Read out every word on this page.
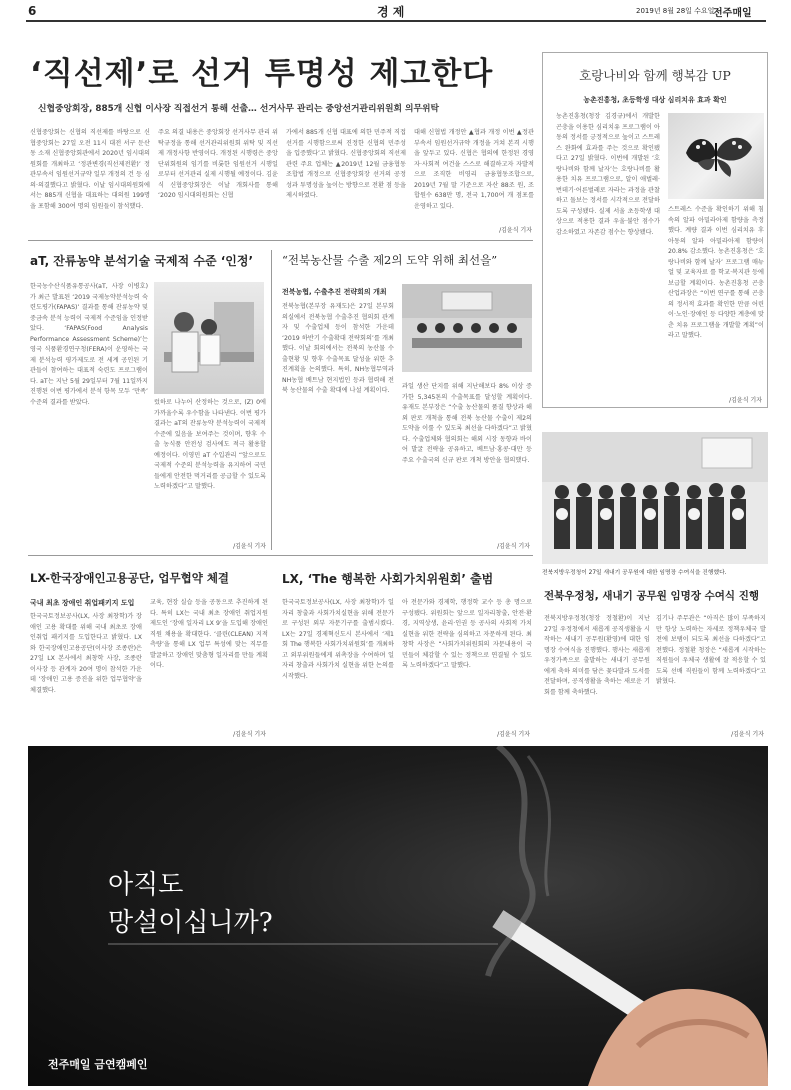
6	경 제	2019년 8월 28일 수요일
전주매일
‘직선제’로 선거 투명성 제고한다
신협중앙회장, 885개 신협 이사장 직접선거 통해 선출… 선거사무 관리는 중앙선거관리위원회 의무위탁
신협중앙회는 신협의 직선제를 바탕으로 신협중앙회는 27일 오전 11시 대전 서구 둔산동 소재 신협중앙회관에서 2020년 임시대의원회를 개최하고 ‘정관변경(직선제전환)’ 정관부속서 임원선거규약 일부 개정의 건 등 심의·의결했다고 밝혔다. 이날 임시대의원회에서는 885개 신협을 대표하는 대의원 199명을 포함해 300여 명의 임원들이 참석했다.
주요 의결 내용은 중앙회장 선거사무 관리 위탁규정을 통해 선거관리위원회 위탁 및 직선제 개정사항 반영이다. 개정된 시행령은 중앙 단위회원의 임기를 비롯한 임원선거 시행일로부터 선거관리 실제 시행될 예정이다. 김윤식 신협중앙회장은 이날 개회사를 통해 ‘2020 임시대의원회는 신협
가에서 885개 신협 대표에 의한 민주적 직접선거를 시행함으로써 진정한 신협의 민주성을 입증했다’고 밝혔다. 신협중앙회의 직선제 관련 주요 업체는 ▲2019년 12월 금융협동조합법 개정으로 신협중앙회장 선거의 공정성과 투명성을 높이는 방향으로 전환 점 등을 제시하였다.
대해 신협법 개정안 ▲협과 개정 이번 ▲정관부속서 임원선거규약 개정을 거쳐 본격 시행을 앞두고 있다. 신협은 협의에 한정된 경영자·사회적 여건을 스스로 해결하고자 자발적으로 조직한 비영리 금융협동조합으로, 2019년 7월 말 기준으로 자산 88조 원, 조합원수 638만 명, 전국 1,700여 개 점포를 운영하고 있다.
/김윤식 기자
호랑나비와 함께 행복감 UP
농촌진흥청, 초등학생 대상 심리치유 효과 확인
농촌진흥청(청장 김경규)에서 개발한 곤충을 이용한 심리치유 프로그램이 아동의 정서를 긍정적으로 높이고 스트레스 완화에 효과를 주는 것으로 확인됐다고 27일 밝혔다. 이번에 개발된 ‘호랑나비와 함께 날자’는 호랑나비를 활용한 치유 프로그램으로, 알이 애벌레·번데기·어른벌레로 자라는 과정을 관찰하고 돌보는 정서를 시각적으로 전달하도록 구성됐다. 실제 서울 초등학생 대상으로 적용한 결과 우울·불안 점수가 감소하였고 자존감 점수는 향상됐다.
스트레스 수준을 확인하기 위해 침 속의 알파 아밀라아제 함량을 측정했다. 계량 결과 이번 심리치유 후 아동의 알파 아밀라아제 함량이 20.8% 감소했다. 농촌진흥청은 ‘호랑나비와 함께 날자’ 프로그램 매뉴얼 및 교육자료 를 학교·복지관 등에 보급할 계획이다. 농촌진흥청 곤충산업과장은 “이번 연구를 통해 곤충의 정서적 효과를 확인한 만큼 어린이·노인·장애인 등 다양한 계층에 맞춘 치유 프로그램을 개발할 계획”이라고 말했다.
/김윤식 기자
전북지방우정청이 27일 새내기 공무원에 대한 임명장 수여식을 진행했다.
전북우정청, 새내기 공무원 임명장 수여식 진행
전북지방우정청(청장 정철환)이 지난 27일 우정청에서 새롭게 공직생활을 시작하는 새내기 공무원(환영)에 대한 임명장 수여식을 진행했다. 행사는 새롭게 우정가족으로 출발하는 새내기 공무원에게 축하 의미를 담은 꽃다발과 도서를 전달하며, 공직생활을 축하는 새로운 기회를 함께 축하했다.
김기나 주무관은 “아직은 많이 부족하지만 항상 노력하는 자세로 정책우체국 발전에 보탬이 되도록 최선을 다하겠다”고 전했다. 정철환 청장은 “새롭게 시작하는 직원들이 우체국 생활에 잘 적응할 수 있도록 선배 직원들이 함께 노력하겠다”고 밝혔다.
/김윤식 기자
aT, 잔류농약 분석기술 국제적 수준 ‘인정’
한국농수산식품유통공사(aT, 사장 이병호)가 최근 발표된 ‘2019 국제농약분석능력 숙련도평가(FAPAS)’ 결과를 통해 잔류농약 및 중금속 분석 능력이 국제적 수준임을 인정받았다. ‘FAPAS(Food Analysis Performance Assessment Scheme)’는 영국 식품환경연구청(FERA)이 운영하는 국제 분석능력 평가제도로 전 세계 공인된 기관들이 참여하는 대표적 숙련도 프로그램이다. aT는 지난 5월 29일부터 7월 11일까지 진행된 이번 평가에서 분석 항목 모두 ‘만족’ 수준의 결과를 받았다.	렀하로 나누어 산정하는 것으로, (Z) 0에 가까울수록 우수함을 나타낸다. 이번 평가결과는 aT의 잔류농약 분석능력이 국제적 수준에 있음을 보여주는 것이며, 향후 수출 농식품 안전성 검사에도 적극 활용할 예정이다. 이영민 aT 수입관리 “앞으로도 국제적 수준의 분석능력을 유지하여 국민들에게 안전한 먹거리를 공급할 수 있도록 노력하겠다”고 말했다.
/김윤식 기자
“전북농산물 수출 제2의 도약 위해 최선을”
전북농협, 수출추진 전략회의 개최
전북농협(본부장 유재도)은 27일 본부회의실에서 전북농협 수출추진 협의회 관계자 및 수출업체 등이 참석한 가운데 ‘2019 하반기 수출확대 전략회의’를 개최했다. 이날 회의에서는 전북의 농산물 수출현황 및 향후 수출목표 달성을 위한 추진계획을 논의했다. 특히, NH농협무역과 NH농협 베트남 현지법인 등과 협력해 전북 농산물의 수출 확대에 나설 계획이다.
과일 생산 단지를 위해 지난해보다 8% 이상 증가한 5,345톤의 수출목표를 달성할 계획이다. 유재도 본부장은 “수출 농산물의 품질 향상과 해외 판로 개척을 통해 전북 농산물 수출이 제2의 도약을 이룰 수 있도록 최선을 다하겠다”고 밝혔다. 수출업체와 협의회는 해외 시장 동향과 바이어 발굴 전략을 공유하고, 베트남·홍콩·대만 등 주요 수출국의 신규 판로 개척 방안을 협의했다.
/김윤식 기자
LX-한국장애인고용공단, 업무협약 체결
국내 최초 장애인 취업패키지 도입
한국국토정보공사(LX, 사장 최창학)가 장애인 고용 확대를 위해 국내 최초로 장애인취업 패키지를 도입한다고 밝혔다. LX와 한국장애인고용공단(이사장 조종란)은 27일 LX 본사에서 최창학 사장, 조종란 이사장 등 관계자 20여 명이 참석한 가운데 ‘장애인 고용 증진을 위한 업무협약’을 체결했다.
교육, 현장 실습 등을 공동으로 추진하게 된다. 특히 LX는 국내 최초 장애인 취업지원 제도인 ‘장애 일자리 LX 9’을 도입해 장애인 직원 채용을 확대한다. ‘클린(CLEAN) 지적측량’을 통해 LX 업무 특성에 맞는 직무를 발굴하고 장애인 맞춤형 일자리를 만들 계획이다.
/김윤식 기자
LX, ‘The 행복한 사회가치위원회’ 출범
한국국토정보공사(LX, 사장 최창학)가 일자리 창출과 사회가치실현을 위해 전문가로 구성된 외부 자문기구를 출범시켰다. LX는 27일 경제혁신도시 본사에서 ‘제1회 The 행복한 사회가치위원회’를 개최하고 외부위원들에게 위촉장을 수여하며 일자리 창출과 사회가치 실현을 위한 논의를 시작했다.
아 전문가와 경제학, 행정학 교수 등 총 명으로 구성됐다. 위원회는 앞으로 일자리창출, 안전·환경, 지역상생, 윤리·인권 등 공사의 사회적 가치 실현을 위한 전략을 심의하고 자문하게 된다. 최창학 사장은 “사회가치위원회의 자문내용이 국민들이 체감할 수 있는 정책으로 연결될 수 있도록 노력하겠다”고 말했다.
/김윤식 기자
아직도
망설이십니까?
전주매일 금연캠페인
